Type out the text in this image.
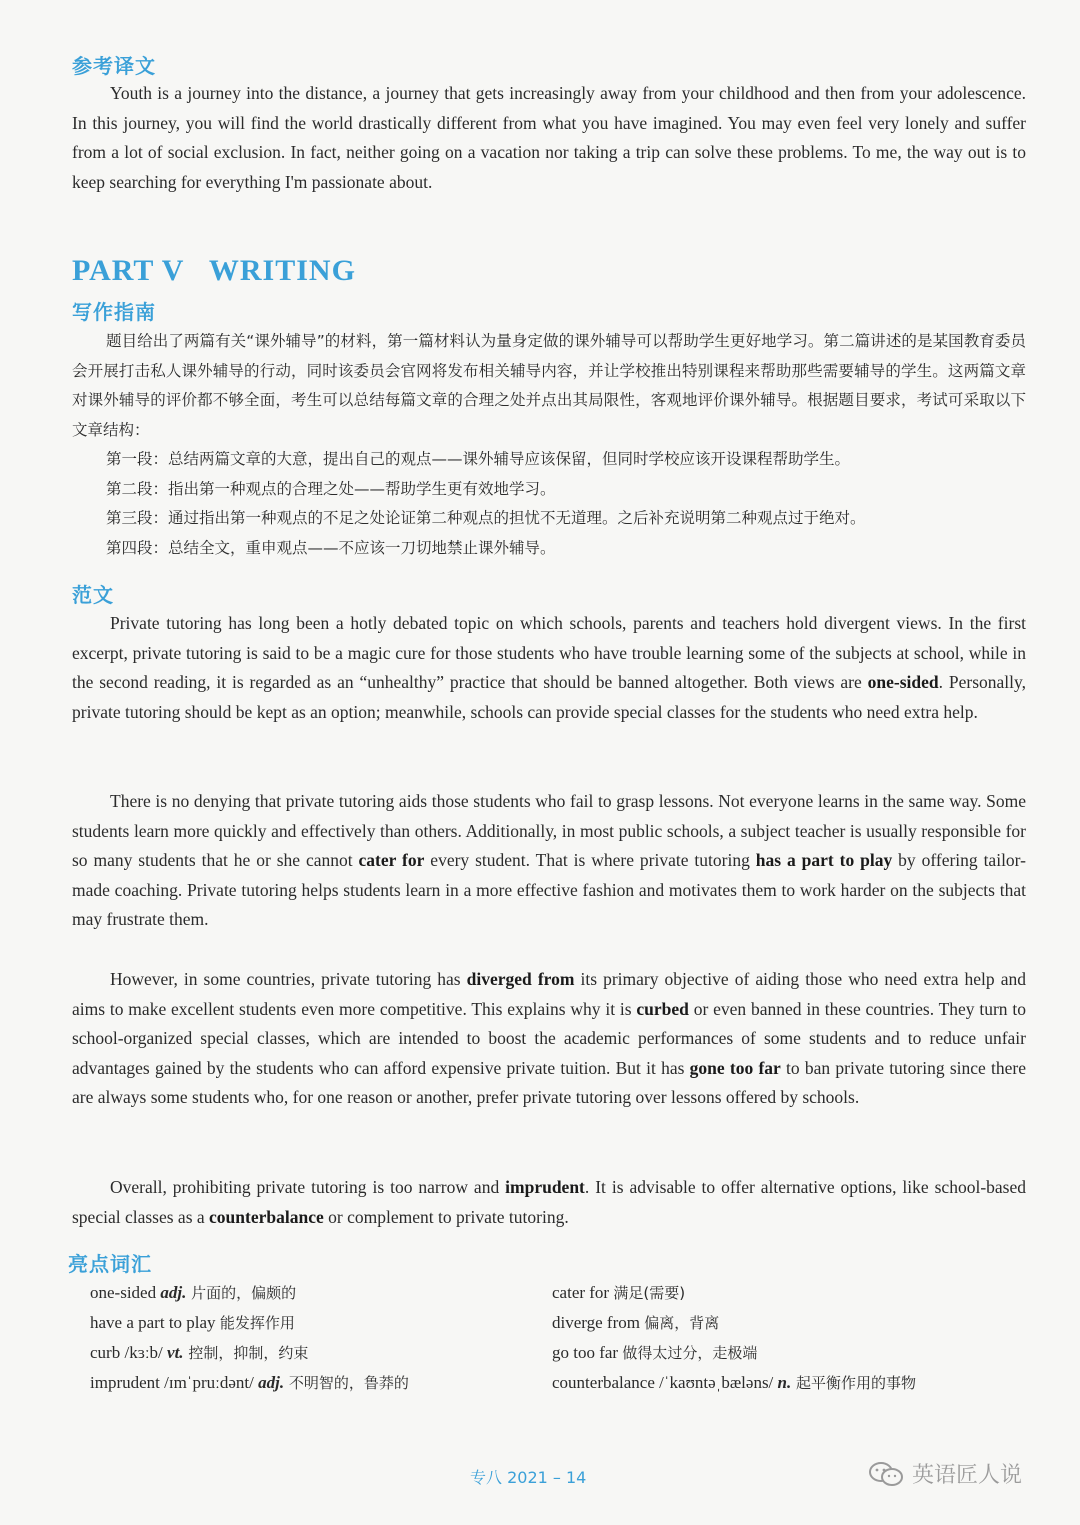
参考译文

Youth is a journey into the distance, a journey that gets increasingly away from your childhood and then from your adolescence. In this journey, you will find the world drastically different from what you have imagined. You may even feel very lonely and suffer from a lot of social exclusion. In fact, neither going on a vacation nor taking a trip can solve these problems. To me, the way out is to keep searching for everything I'm passionate about.

PART V   WRITING
写作指南

题目给出了两篇有关“课外辅导”的材料，第一篇材料认为量身定做的课外辅导可以帮助学生更好地学习。第二篇讲述的是某国教育委员会开展打击私人课外辅导的行动，同时该委员会官网将发布相关辅导内容，并让学校推出特别课程来帮助那些需要辅导的学生。这两篇文章对课外辅导的评价都不够全面，考生可以总结每篇文章的合理之处并点出其局限性，客观地评价课外辅导。根据题目要求，考试可采取以下文章结构：

第一段：总结两篇文章的大意，提出自己的观点——课外辅导应该保留，但同时学校应该开设课程帮助学生。
第二段：指出第一种观点的合理之处——帮助学生更有效地学习。
第三段：通过指出第一种观点的不足之处论证第二种观点的担忧不无道理。之后补充说明第二种观点过于绝对。
第四段：总结全文，重申观点——不应该一刀切地禁止课外辅导。
范文

Private tutoring has long been a hotly debated topic on which schools, parents and teachers hold divergent views. In the first excerpt, private tutoring is said to be a magic cure for those students who have trouble learning some of the subjects at school, while in the second reading, it is regarded as an “unhealthy” practice that should be banned altogether. Both views are one-sided. Personally, private tutoring should be kept as an option; meanwhile, schools can provide special classes for the students who need extra help.

There is no denying that private tutoring aids those students who fail to grasp lessons. Not everyone learns in the same way. Some students learn more quickly and effectively than others. Additionally, in most public schools, a subject teacher is usually responsible for so many students that he or she cannot cater for every student. That is where private tutoring has a part to play by offering tailor-made coaching. Private tutoring helps students learn in a more effective fashion and motivates them to work harder on the subjects that may frustrate them.

However, in some countries, private tutoring has diverged from its primary objective of aiding those who need extra help and aims to make excellent students even more competitive. This explains why it is curbed or even banned in these countries. They turn to school-organized special classes, which are intended to boost the academic performances of some students and to reduce unfair advantages gained by the students who can afford expensive private tuition. But it has gone too far to ban private tutoring since there are always some students who, for one reason or another, prefer private tutoring over lessons offered by schools.

Overall, prohibiting private tutoring is too narrow and imprudent. It is advisable to offer alternative options, like school-based special classes as a counterbalance or complement to private tutoring.

亮点词汇
one-sided adj. 片面的，偏颇的
have a part to play 能发挥作用
curb /kɜːb/ vt. 控制，抑制，约束
imprudent /ɪmˈpruːdənt/ adj. 不明智的，鲁莽的
cater for 满足(需要)
diverge from 偏离，背离
go too far 做得太过分，走极端
counterbalance /ˈkaʊntəˌbæləns/ n. 起平衡作用的事物
专八 2021 – 14	英语匠人说
